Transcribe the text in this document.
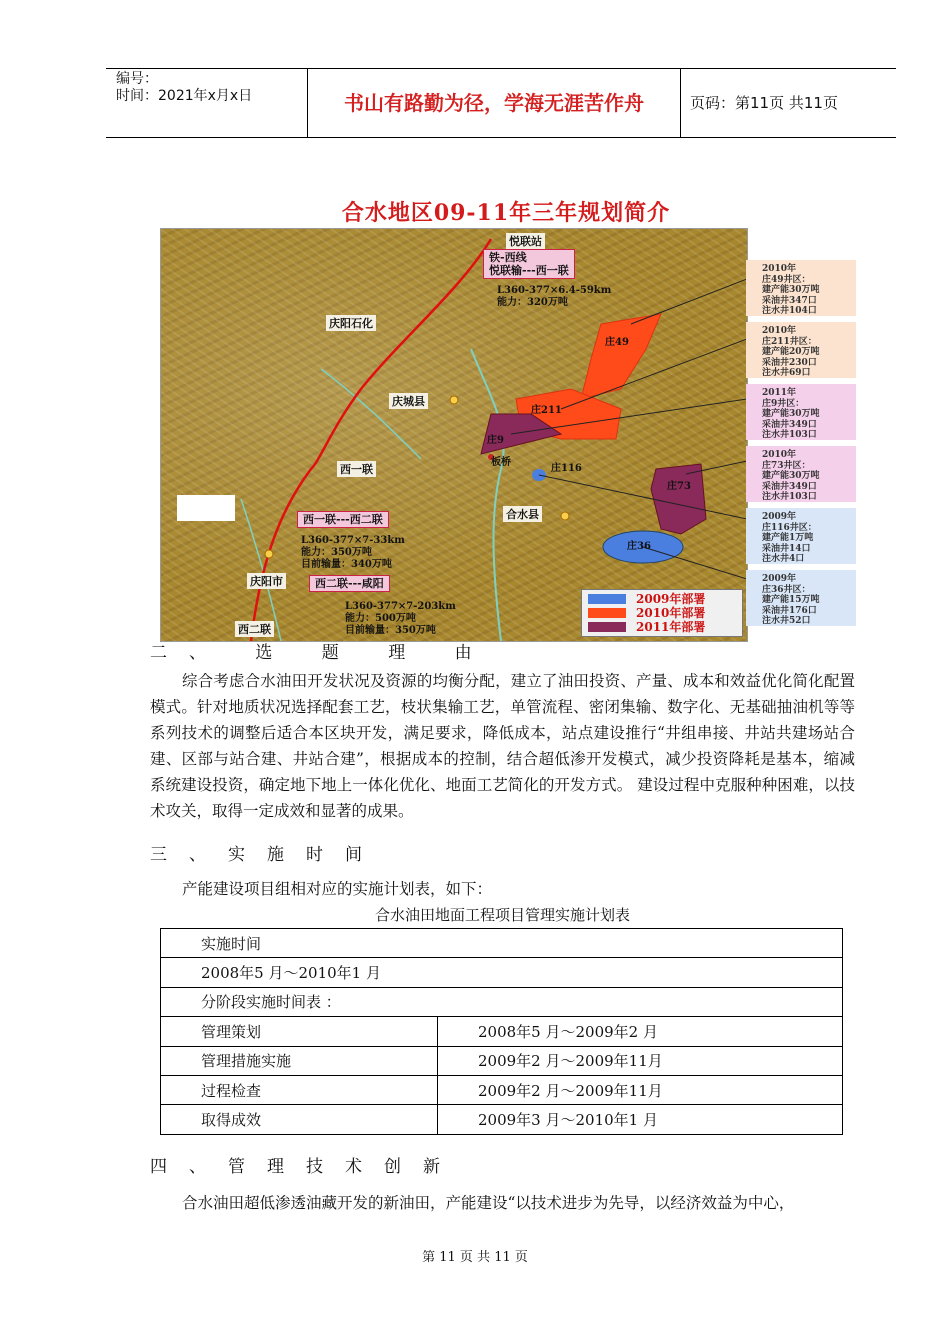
编号：
时间：2021年x月x日	书山有路勤为径，学海无涯苦作舟	页码：第11页 共11页
合水地区09-11年三年规划简介
悦联站
庆阳石化
庆城县
西一联
合水县
庆阳市
西二联
板桥
庄49
庄211
庄9
庄116
庄73
庄36
铁-西线
悦联输---西一联
L360-377×6.4-59km
能力：320万吨
西一联---西二联
L360-377×7-33km
能力：350万吨
目前输量：340万吨
西二联---咸阳
L360-377×7-203km
能力：500万吨
目前输量：350万吨
2009年部署
2010年部署
2011年部署
2010年
庄49井区：
建产能30万吨
采油井347口
注水井104口
2010年
庄211井区：
建产能20万吨
采油井230口
注水井69口
2011年
庄9井区：
建产能30万吨
采油井349口
注水井103口
2010年
庄73井区：
建产能30万吨
采油井349口
注水井103口
2009年
庄116井区：
建产能1万吨
采油井14口
注水井4口
2009年
庄36井区：
建产能15万吨
采油井176口
注水井52口
二、 选 题 理 由
综合考虑合水油田开发状况及资源的均衡分配，建立了油田投资、产量、成本和效益优化简化配置模式。针对地质状况选择配套工艺，枝状集输工艺，单管流程、密闭集输、数字化、无基础抽油机等等系列技术的调整后适合本区块开发，满足要求，降低成本，站点建设推行“井组串接、井站共建场站合建、区部与站合建、井站合建”，根据成本的控制，结合超低渗开发模式，减少投资降耗是基本，缩减系统建设投资，确定地下地上一体化优化、地面工艺简化的开发方式。 建设过程中克服种种困难，以技术攻关，取得一定成效和显著的成果。
三、实施时间
产能建设项目组相对应的实施计划表，如下：
合水油田地面工程项目管理实施计划表
实施时间	
2008年5 月～2010年1 月	
分阶段实施时间表 ：	
管理策划	2008年5 月～2009年2 月
管理措施实施	2009年2 月～2009年11月
过程检查	2009年2 月～2009年11月
取得成效	2009年3 月～2010年1 月
四、管理技术创新
合水油田超低渗透油藏开发的新油田，产能建设“以技术进步为先导，以经济效益为中心，
第 11 页 共 11 页
